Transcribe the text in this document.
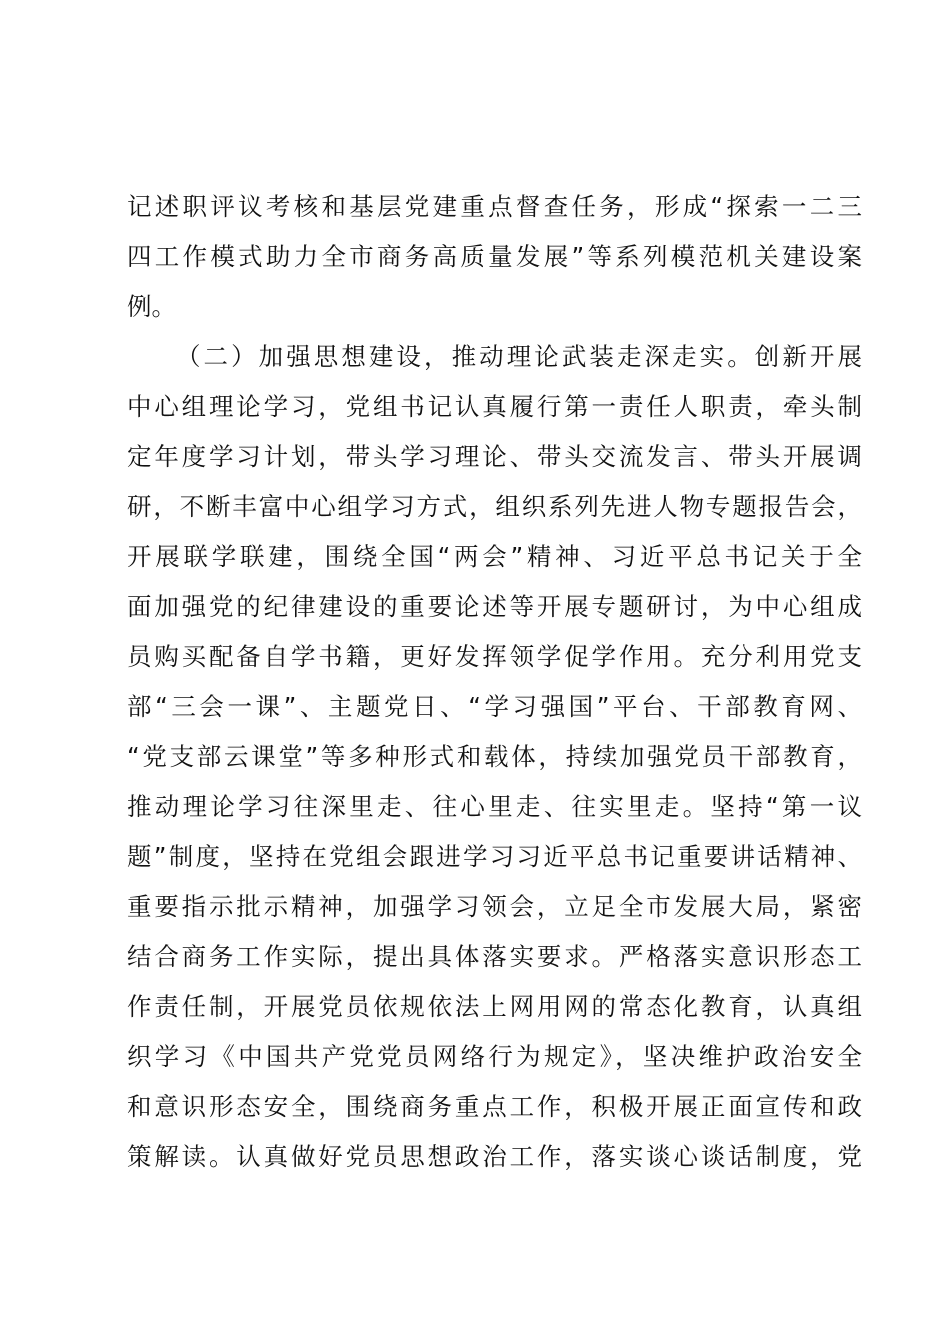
记述职评议考核和基层党建重点督查任务，形成“探索一二三
四工作模式助力全市商务高质量发展”等系列模范机关建设案
例。
（二）加强思想建设，推动理论武装走深走实。创新开展
中心组理论学习，党组书记认真履行第一责任人职责，牵头制
定年度学习计划，带头学习理论、带头交流发言、带头开展调
研，不断丰富中心组学习方式，组织系列先进人物专题报告会，
开展联学联建，围绕全国“两会”精神、习近平总书记关于全
面加强党的纪律建设的重要论述等开展专题研讨，为中心组成
员购买配备自学书籍，更好发挥领学促学作用。充分利用党支
部“三会一课”、主题党日、“学习强国”平台、干部教育网、
“党支部云课堂”等多种形式和载体，持续加强党员干部教育，
推动理论学习往深里走、往心里走、往实里走。坚持“第一议
题”制度，坚持在党组会跟进学习习近平总书记重要讲话精神、
重要指示批示精神，加强学习领会，立足全市发展大局，紧密
结合商务工作实际，提出具体落实要求。严格落实意识形态工
作责任制，开展党员依规依法上网用网的常态化教育，认真组
织学习《中国共产党党员网络行为规定》，坚决维护政治安全
和意识形态安全，围绕商务重点工作，积极开展正面宣传和政
策解读。认真做好党员思想政治工作，落实谈心谈话制度，党
